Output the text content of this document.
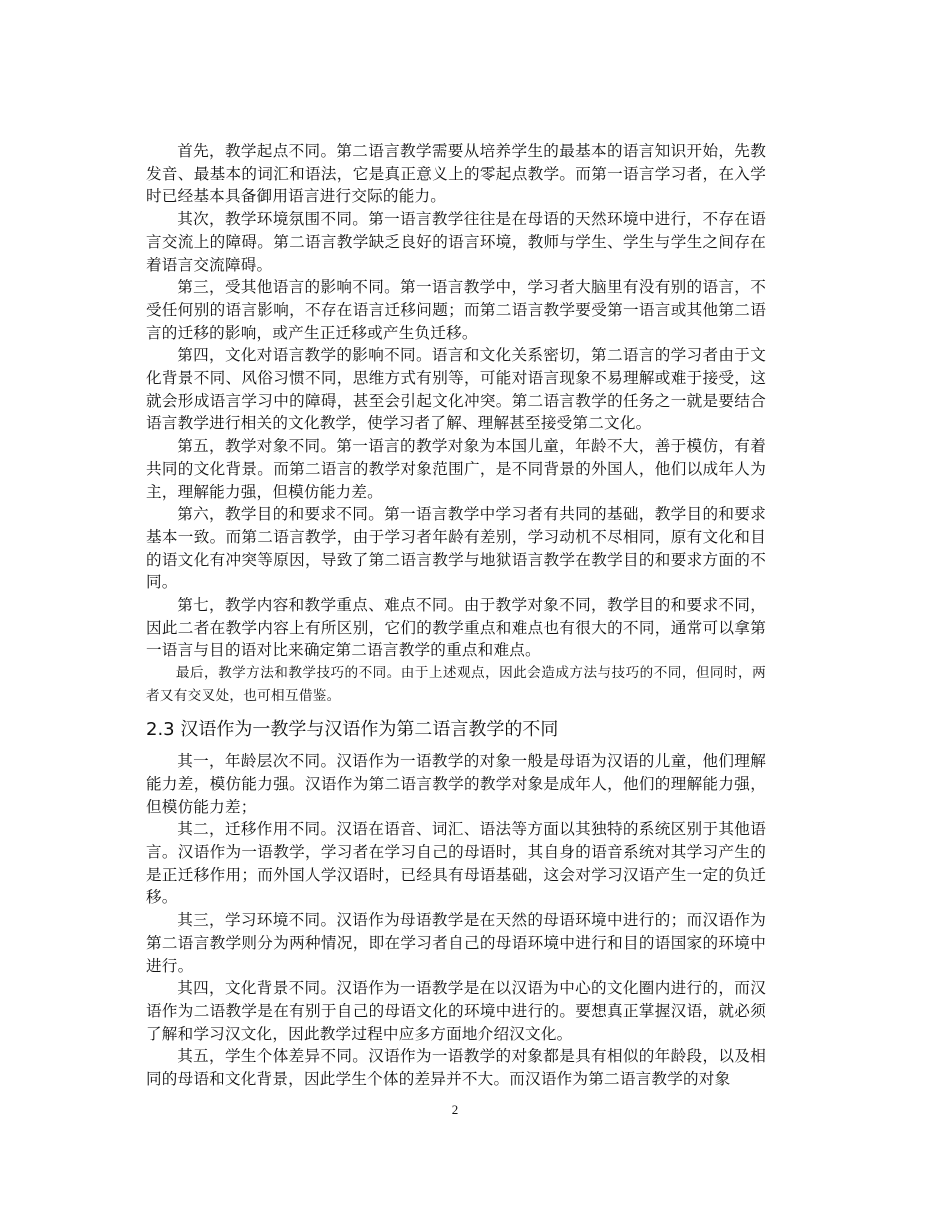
首先，教学起点不同。第二语言教学需要从培养学生的最基本的语言知识开始，先教发音、最基本的词汇和语法，它是真正意义上的零起点教学。而第一语言学习者，在入学时已经基本具备御用语言进行交际的能力。

其次，教学环境氛围不同。第一语言教学往往是在母语的天然环境中进行，不存在语言交流上的障碍。第二语言教学缺乏良好的语言环境，教师与学生、学生与学生之间存在着语言交流障碍。

第三，受其他语言的影响不同。第一语言教学中，学习者大脑里有没有别的语言，不受任何别的语言影响，不存在语言迁移问题；而第二语言教学要受第一语言或其他第二语言的迁移的影响，或产生正迁移或产生负迁移。

第四，文化对语言教学的影响不同。语言和文化关系密切，第二语言的学习者由于文化背景不同、风俗习惯不同，思维方式有别等，可能对语言现象不易理解或难于接受，这就会形成语言学习中的障碍，甚至会引起文化冲突。第二语言教学的任务之一就是要结合语言教学进行相关的文化教学，使学习者了解、理解甚至接受第二文化。

第五，教学对象不同。第一语言的教学对象为本国儿童，年龄不大，善于模仿，有着共同的文化背景。而第二语言的教学对象范围广，是不同背景的外国人，他们以成年人为主，理解能力强，但模仿能力差。

第六，教学目的和要求不同。第一语言教学中学习者有共同的基础，教学目的和要求基本一致。而第二语言教学，由于学习者年龄有差别，学习动机不尽相同，原有文化和目的语文化有冲突等原因，导致了第二语言教学与地狱语言教学在教学目的和要求方面的不同。

第七，教学内容和教学重点、难点不同。由于教学对象不同，教学目的和要求不同，因此二者在教学内容上有所区别，它们的教学重点和难点也有很大的不同，通常可以拿第一语言与目的语对比来确定第二语言教学的重点和难点。

最后，教学方法和教学技巧的不同。由于上述观点，因此会造成方法与技巧的不同，但同时，两者又有交叉处，也可相互借鉴。

2.3 汉语作为一教学与汉语作为第二语言教学的不同

其一，年龄层次不同。汉语作为一语教学的对象一般是母语为汉语的儿童，他们理解能力差，模仿能力强。汉语作为第二语言教学的教学对象是成年人，他们的理解能力强，但模仿能力差；

其二，迁移作用不同。汉语在语音、词汇、语法等方面以其独特的系统区别于其他语言。汉语作为一语教学，学习者在学习自己的母语时，其自身的语音系统对其学习产生的是正迁移作用；而外国人学汉语时，已经具有母语基础，这会对学习汉语产生一定的负迁移。

其三，学习环境不同。汉语作为母语教学是在天然的母语环境中进行的；而汉语作为第二语言教学则分为两种情况，即在学习者自己的母语环境中进行和目的语国家的环境中进行。

其四，文化背景不同。汉语作为一语教学是在以汉语为中心的文化圈内进行的，而汉语作为二语教学是在有别于自己的母语文化的环境中进行的。要想真正掌握汉语，就必须了解和学习汉文化，因此教学过程中应多方面地介绍汉文化。

其五，学生个体差异不同。汉语作为一语教学的对象都是具有相似的年龄段，以及相同的母语和文化背景，因此学生个体的差异并不大。而汉语作为第二语言教学的对象

2
